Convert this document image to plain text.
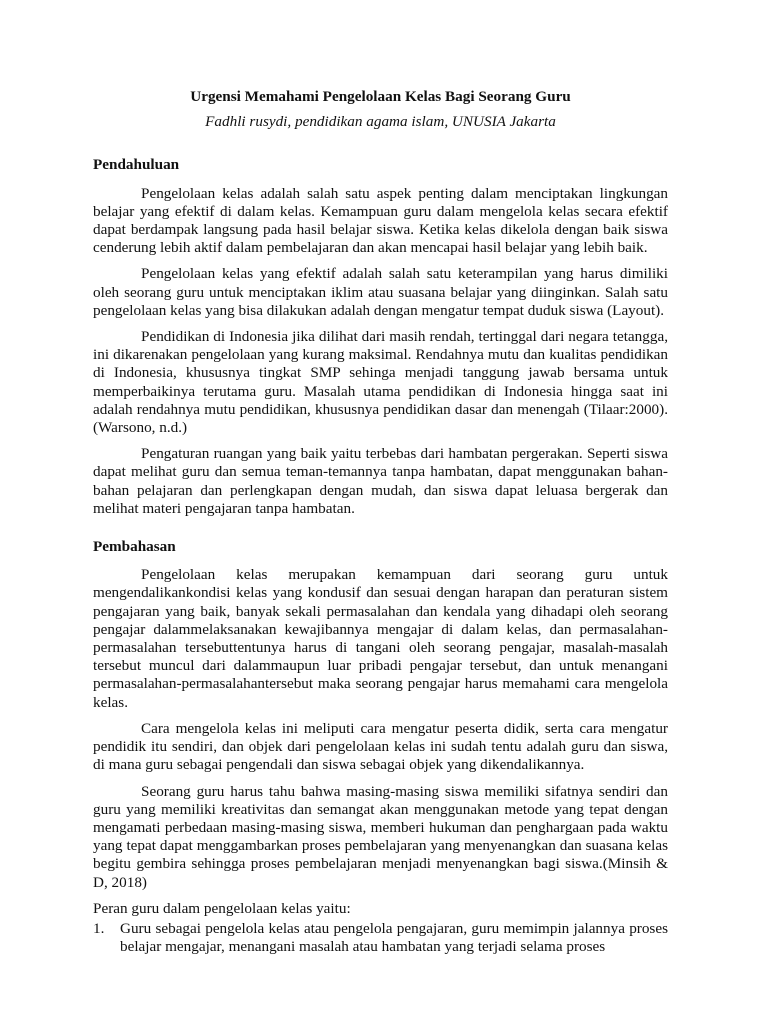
Urgensi Memahami Pengelolaan Kelas Bagi Seorang Guru

Fadhli rusydi, pendidikan agama islam, UNUSIA Jakarta

Pendahuluan

Pengelolaan kelas adalah salah satu aspek penting dalam menciptakan lingkungan belajar yang efektif di dalam kelas. Kemampuan guru dalam mengelola kelas secara efektif dapat berdampak langsung pada hasil belajar siswa. Ketika kelas dikelola dengan baik siswa cenderung lebih aktif dalam pembelajaran dan akan mencapai hasil belajar yang lebih baik.

Pengelolaan kelas yang efektif adalah salah satu keterampilan yang harus dimiliki oleh seorang guru untuk menciptakan iklim atau suasana belajar yang diinginkan. Salah satu pengelolaan kelas yang bisa dilakukan adalah dengan mengatur tempat duduk siswa (Layout).

Pendidikan di Indonesia jika dilihat dari masih rendah, tertinggal dari negara tetangga, ini dikarenakan pengelolaan yang kurang maksimal. Rendahnya mutu dan kualitas pendidikan di Indonesia, khususnya tingkat SMP sehinga menjadi tanggung jawab bersama untuk memperbaikinya terutama guru. Masalah utama pendidikan di Indonesia hingga saat ini adalah rendahnya mutu pendidikan, khususnya pendidikan dasar dan menengah (Tilaar:2000).(Warsono, n.d.)

Pengaturan ruangan yang baik yaitu terbebas dari hambatan pergerakan. Seperti siswa dapat melihat guru dan semua teman-temannya tanpa hambatan, dapat menggunakan bahan-bahan pelajaran dan perlengkapan dengan mudah, dan siswa dapat leluasa bergerak dan melihat materi pengajaran tanpa hambatan.

Pembahasan

Pengelolaan kelas merupakan kemampuan dari seorang guru untuk mengendalikankondisi kelas yang kondusif dan sesuai dengan harapan dan peraturan sistem pengajaran yang baik, banyak sekali permasalahan dan kendala yang dihadapi oleh seorang pengajar dalammelaksanakan kewajibannya mengajar di dalam kelas, dan permasalahan-permasalahan tersebuttentunya harus di tangani oleh seorang pengajar, masalah-masalah tersebut muncul dari dalammaupun luar pribadi pengajar tersebut, dan untuk menangani permasalahan-permasalahantersebut maka seorang pengajar harus memahami cara mengelola kelas.

Cara mengelola kelas ini meliputi cara mengatur peserta didik, serta cara mengatur pendidik itu sendiri, dan objek dari pengelolaan kelas ini sudah tentu adalah guru dan siswa, di mana guru sebagai pengendali dan siswa sebagai objek yang dikendalikannya.

Seorang guru harus tahu bahwa masing-masing siswa memiliki sifatnya sendiri dan guru yang memiliki kreativitas dan semangat akan menggunakan metode yang tepat dengan mengamati perbedaan masing-masing siswa, memberi hukuman dan penghargaan pada waktu yang tepat dapat menggambarkan proses pembelajaran yang menyenangkan dan suasana kelas begitu gembira sehingga proses pembelajaran menjadi menyenangkan bagi siswa.(Minsih & D, 2018)

Peran guru dalam pengelolaan kelas yaitu:

1.	Guru sebagai pengelola kelas atau pengelola pengajaran, guru memimpin jalannya proses belajar mengajar, menangani masalah atau hambatan yang terjadi selama proses
